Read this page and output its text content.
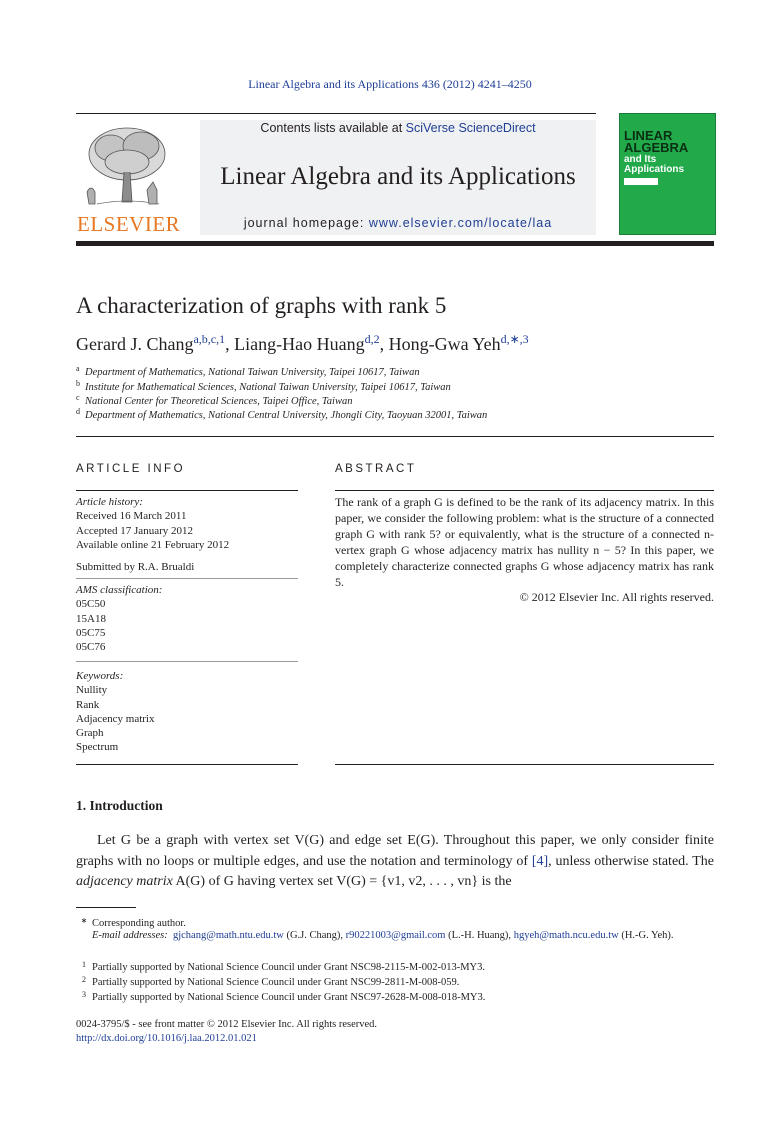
Linear Algebra and its Applications 436 (2012) 4241–4250
ELSEVIER
Contents lists available at SciVerse ScienceDirect
Linear Algebra and its Applications
journal homepage: www.elsevier.com/locate/laa
LINEAR
ALGEBRA
and Its
Applications
A characterization of graphs with rank 5
Gerard J. Chang$^{a,b,c,1}$, Liang-Hao Huang$^{d,2}$, Hong-Gwa Yeh$^{d,∗,3}$
$^a$ Department of Mathematics, National Taiwan University, Taipei 10617, Taiwan
$^b$ Institute for Mathematical Sciences, National Taiwan University, Taipei 10617, Taiwan
$^c$ National Center for Theoretical Sciences, Taipei Office, Taiwan
$^d$ Department of Mathematics, National Central University, Jhongli City, Taoyuan 32001, Taiwan
ARTICLE INFO
Article history:
Received 16 March 2011
Accepted 17 January 2012
Available online 21 February 2012
Submitted by R.A. Brualdi
AMS classification:
05C50
15A18
05C75
05C76
Keywords:
Nullity
Rank
Adjacency matrix
Graph
Spectrum
ABSTRACT
The rank of a graph G is defined to be the rank of its adjacency matrix. In this paper, we consider the following problem: what is the structure of a connected graph G with rank 5? or equivalently, what is the structure of a connected n-vertex graph G whose adjacency matrix has nullity n − 5? In this paper, we completely characterize connected graphs G whose adjacency matrix has rank 5.
© 2012 Elsevier Inc. All rights reserved.
1. Introduction
  Let G be a graph with vertex set V(G) and edge set E(G). Throughout this paper, we only consider finite graphs with no loops or multiple edges, and use the notation and terminology of [4], unless otherwise stated. The adjacency matrix A(G) of G having vertex set V(G) = {v1, v2, . . . , vn} is the
∗ Corresponding author.
E-mail addresses: gjchang@math.ntu.edu.tw (G.J. Chang), r90221003@gmail.com (L.-H. Huang), hgyeh@math.ncu.edu.tw (H.-G. Yeh).
$^1$ Partially supported by National Science Council under Grant NSC98-2115-M-002-013-MY3.
$^2$ Partially supported by National Science Council under Grant NSC99-2811-M-008-059.
$^3$ Partially supported by National Science Council under Grant NSC97-2628-M-008-018-MY3.
0024-3795/$ - see front matter © 2012 Elsevier Inc. All rights reserved.
http://dx.doi.org/10.1016/j.laa.2012.01.021
